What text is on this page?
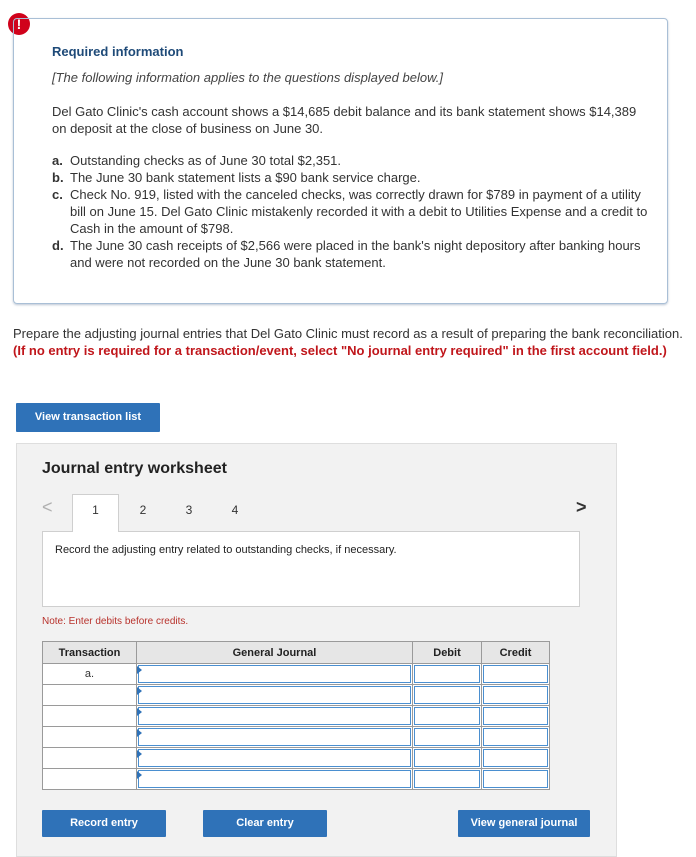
!
Required information
[The following information applies to the questions displayed below.]
Del Gato Clinic's cash account shows a $14,685 debit balance and its bank statement shows $14,389 on deposit at the close of business on June 30.
a. Outstanding checks as of June 30 total $2,351.
b. The June 30 bank statement lists a $90 bank service charge.
c. Check No. 919, listed with the canceled checks, was correctly drawn for $789 in payment of a utility bill on June 15. Del Gato Clinic mistakenly recorded it with a debit to Utilities Expense and a credit to Cash in the amount of $798.
d. The June 30 cash receipts of $2,566 were placed in the bank's night depository after banking hours and were not recorded on the June 30 bank statement.
Prepare the adjusting journal entries that Del Gato Clinic must record as a result of preparing the bank reconciliation. (If no entry is required for a transaction/event, select "No journal entry required" in the first account field.)
View transaction list
Journal entry worksheet
<	>
1	2	3	4
Record the adjusting entry related to outstanding checks, if necessary.
Note: Enter debits before credits.
Transaction	General Journal	Debit	Credit
a.	

Record entry	Clear entry	View general journal
